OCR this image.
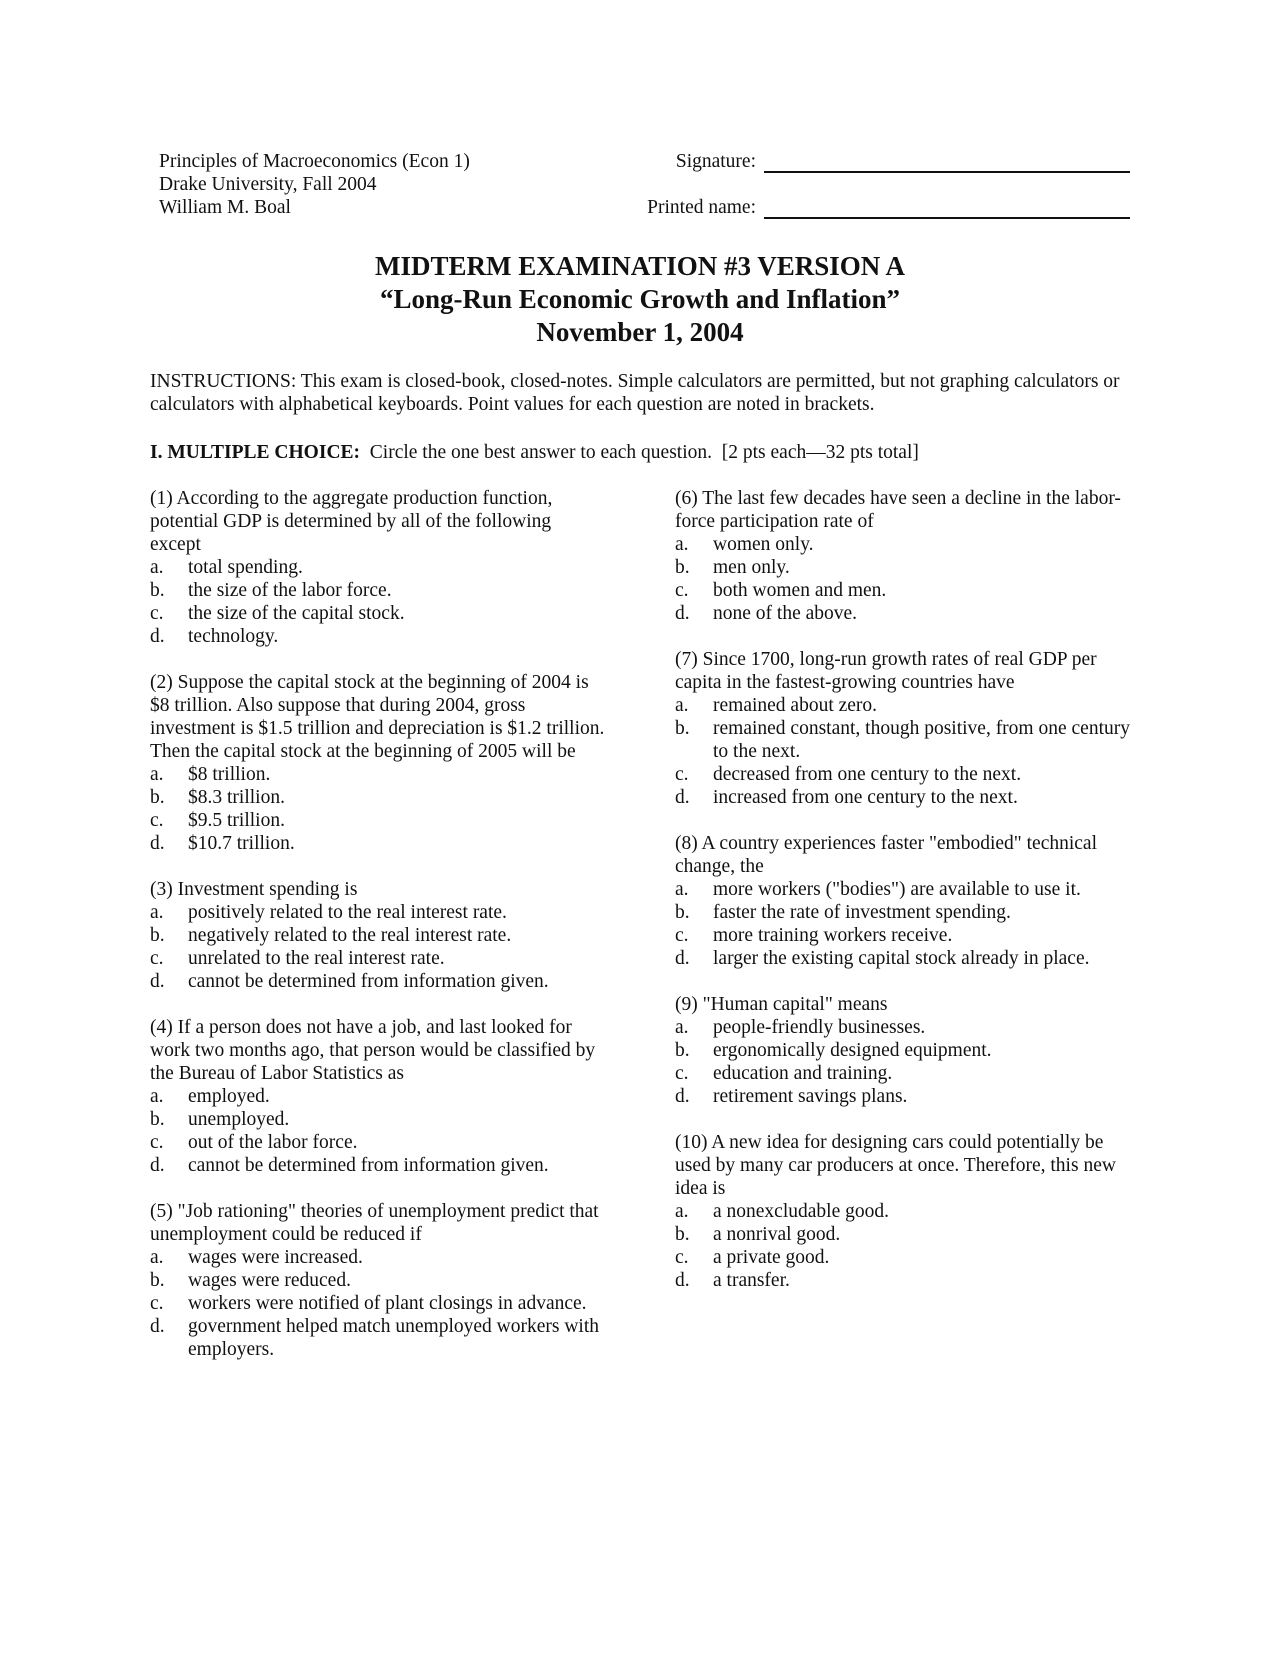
Principles of Macroeconomics (Econ 1)
Drake University, Fall 2004
William M. Boal
Signature:
Printed name:
MIDTERM EXAMINATION #3 VERSION A
“Long-Run Economic Growth and Inflation”
November 1, 2004
INSTRUCTIONS: This exam is closed-book, closed-notes. Simple calculators are permitted, but not graphing calculators or calculators with alphabetical keyboards. Point values for each question are noted in brackets.
I. MULTIPLE CHOICE:  Circle the one best answer to each question.  [2 pts each—32 pts total]
(1) According to the aggregate production function, potential GDP is determined by all of the following except
a.	total spending.
b.	the size of the labor force.
c.	the size of the capital stock.
d.	technology.
(2) Suppose the capital stock at the beginning of 2004 is $8 trillion. Also suppose that during 2004, gross investment is $1.5 trillion and depreciation is $1.2 trillion. Then the capital stock at the beginning of 2005 will be
a.	$8 trillion.
b.	$8.3 trillion.
c.	$9.5 trillion.
d.	$10.7 trillion.
(3) Investment spending is
a.	positively related to the real interest rate.
b.	negatively related to the real interest rate.
c.	unrelated to the real interest rate.
d.	cannot be determined from information given.
(4) If a person does not have a job, and last looked for work two months ago, that person would be classified by the Bureau of Labor Statistics as
a.	employed.
b.	unemployed.
c.	out of the labor force.
d.	cannot be determined from information given.
(5) "Job rationing" theories of unemployment predict that unemployment could be reduced if
a.	wages were increased.
b.	wages were reduced.
c.	workers were notified of plant closings in advance.
d.	government helped match unemployed workers with employers.
(6) The last few decades have seen a decline in the labor-force participation rate of
a.	women only.
b.	men only.
c.	both women and men.
d.	none of the above.
(7) Since 1700, long-run growth rates of real GDP per capita in the fastest-growing countries have
a.	remained about zero.
b.	remained constant, though positive, from one century to the next.
c.	decreased from one century to the next.
d.	increased from one century to the next.
(8) A country experiences faster "embodied" technical change, the
a.	more workers ("bodies") are available to use it.
b.	faster the rate of investment spending.
c.	more training workers receive.
d.	larger the existing capital stock already in place.
(9) "Human capital" means
a.	people-friendly businesses.
b.	ergonomically designed equipment.
c.	education and training.
d.	retirement savings plans.
(10) A new idea for designing cars could potentially be used by many car producers at once. Therefore, this new idea is
a.	a nonexcludable good.
b.	a nonrival good.
c.	a private good.
d.	a transfer.
